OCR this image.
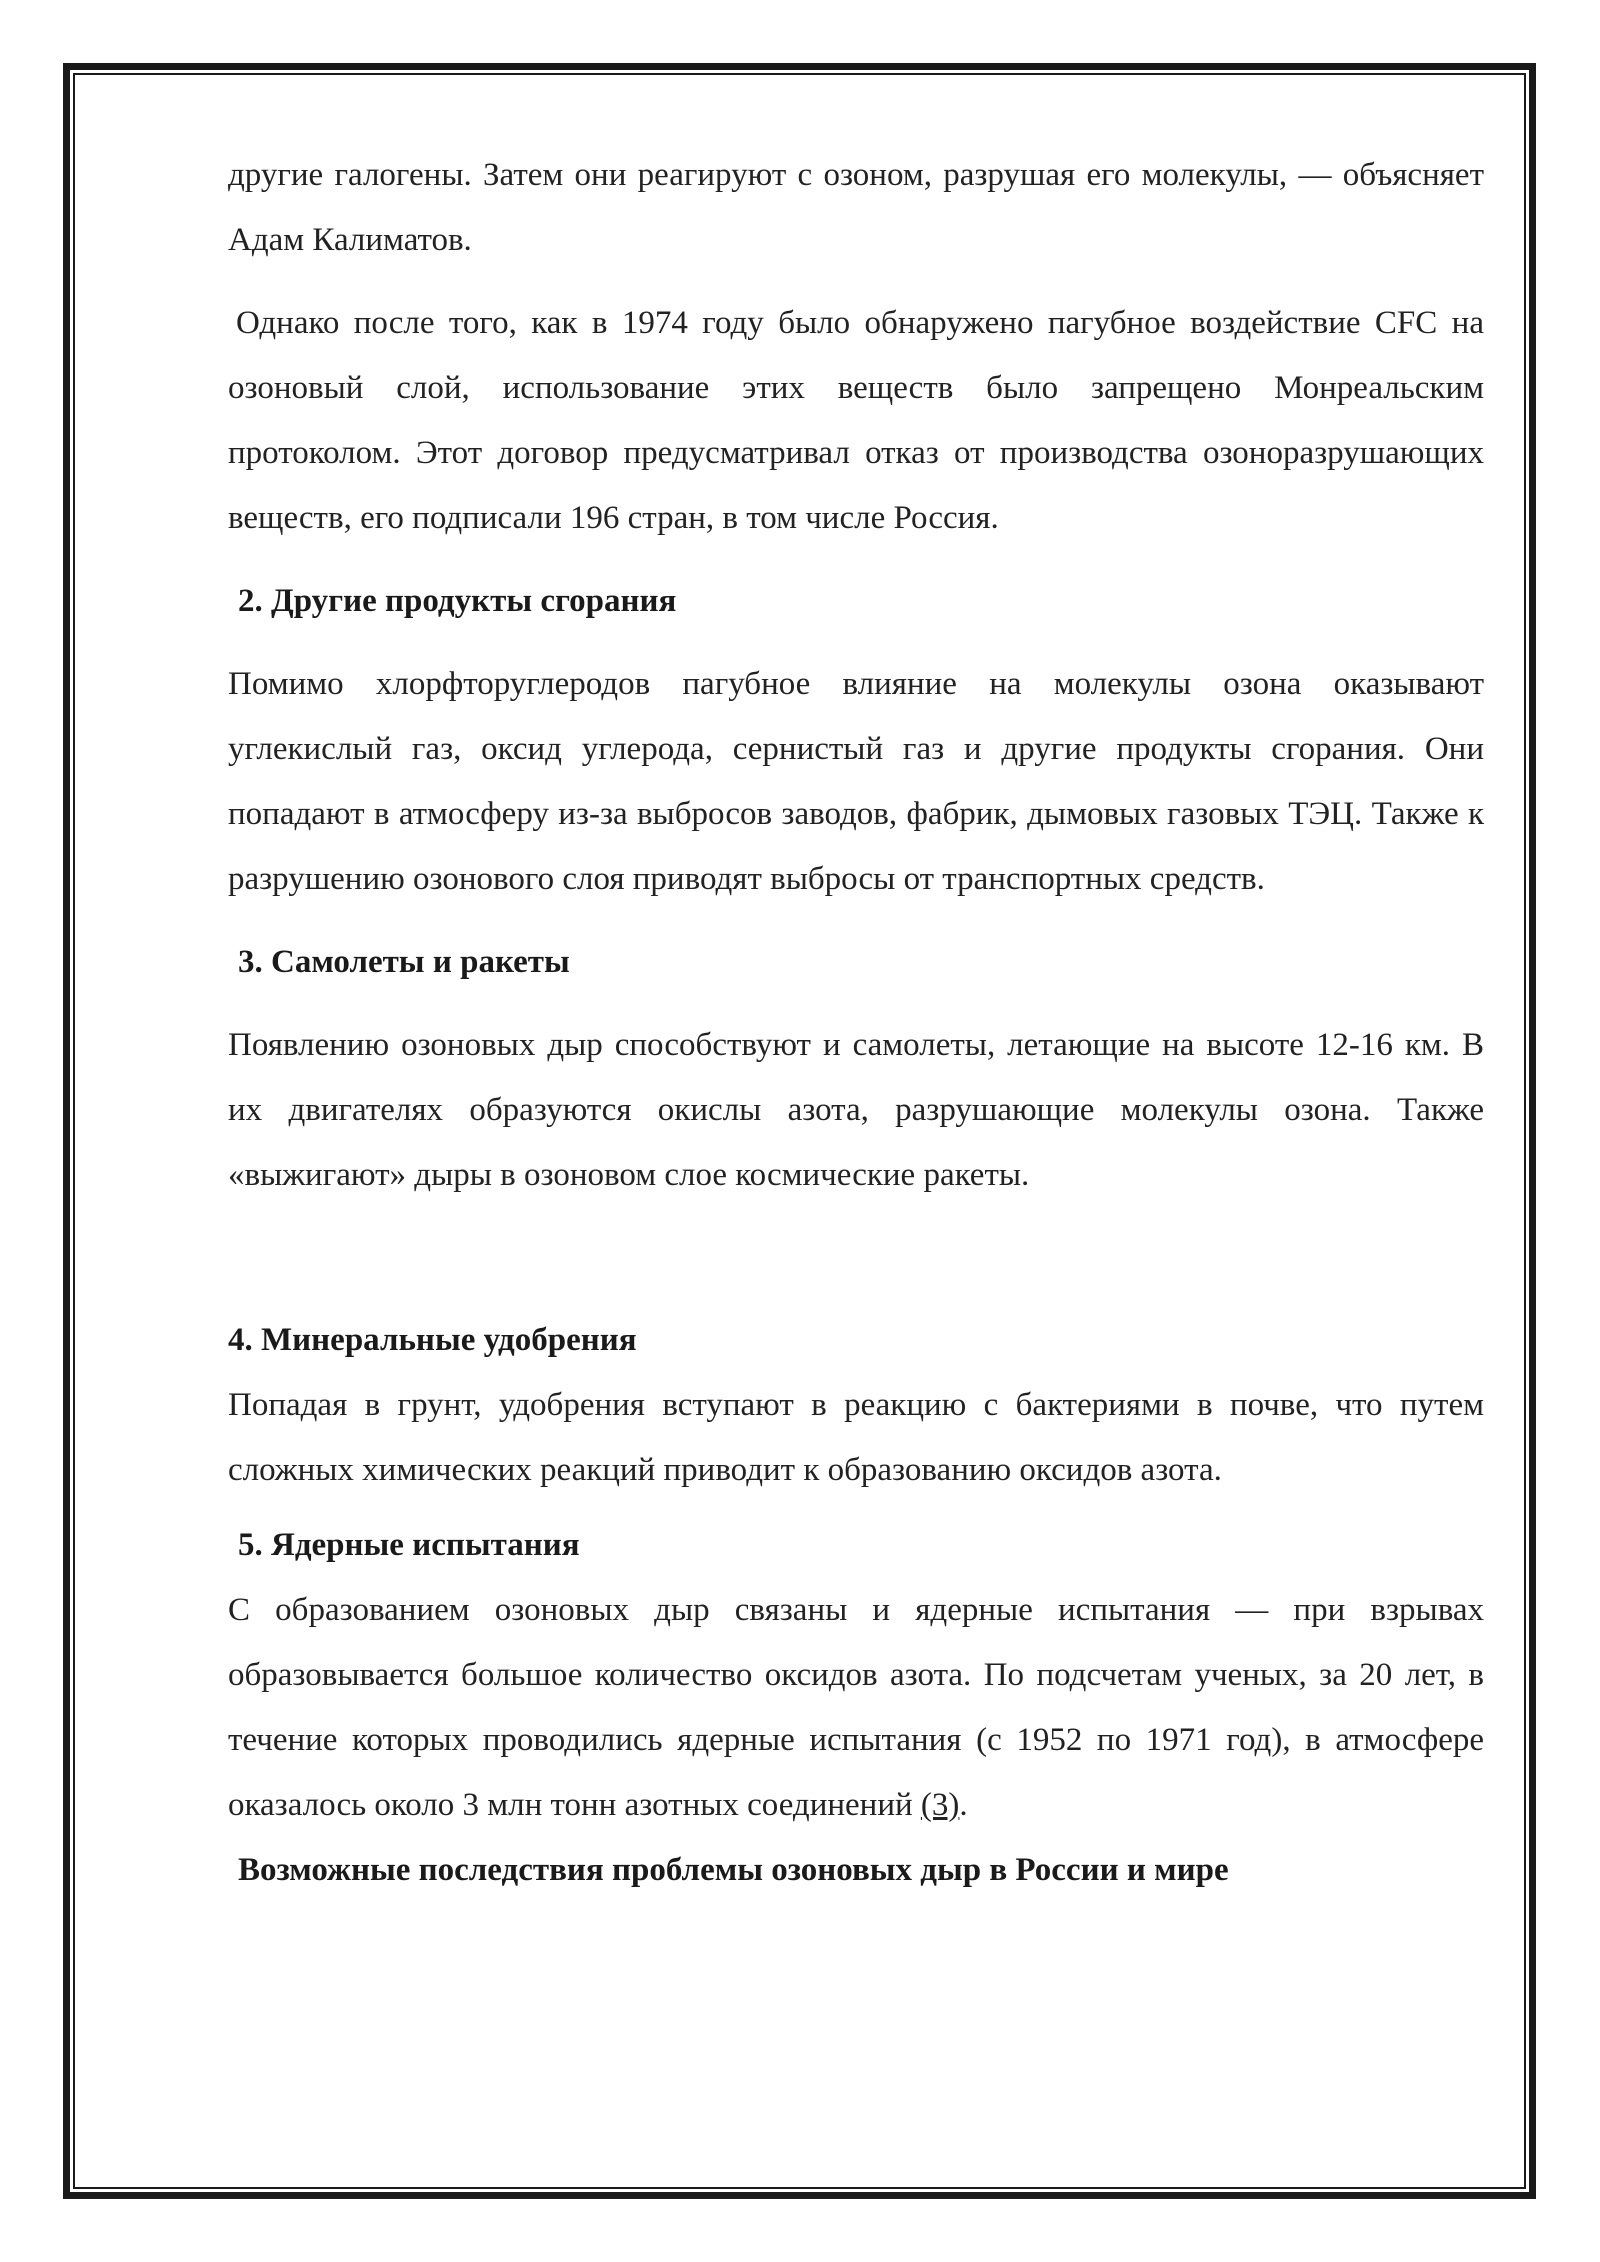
другие галогены. Затем они реагируют с озоном, разрушая его молекулы, — объясняет Адам Калиматов.

Однако после того, как в 1974 году было обнаружено пагубное воздействие CFC на озоновый слой, использование этих веществ было запрещено Монреальским протоколом. Этот договор предусматривал отказ от производства озоноразрушающих веществ, его подписали 196 стран, в том числе Россия.

2. Другие продукты сгорания

Помимо хлорфторуглеродов пагубное влияние на молекулы озона оказывают углекислый газ, оксид углерода, сернистый газ и другие продукты сгорания. Они попадают в атмосферу из-за выбросов заводов, фабрик, дымовых газовых ТЭЦ. Также к разрушению озонового слоя приводят выбросы от транспортных средств.

3. Самолеты и ракеты

Появлению озоновых дыр способствуют и самолеты, летающие на высоте 12-16 км. В их двигателях образуются окислы азота, разрушающие молекулы озона. Также «выжигают» дыры в озоновом слое космические ракеты.

4. Минеральные удобрения

Попадая в грунт, удобрения вступают в реакцию с бактериями в почве, что путем сложных химических реакций приводит к образованию оксидов азота.

5. Ядерные испытания

С образованием озоновых дыр связаны и ядерные испытания — при взрывах образовывается большое количество оксидов азота. По подсчетам ученых, за 20 лет, в течение которых проводились ядерные испытания (с 1952 по 1971 год), в атмосфере оказалось около 3 млн тонн азотных соединений (3).

Возможные последствия проблемы озоновых дыр в России и мире
